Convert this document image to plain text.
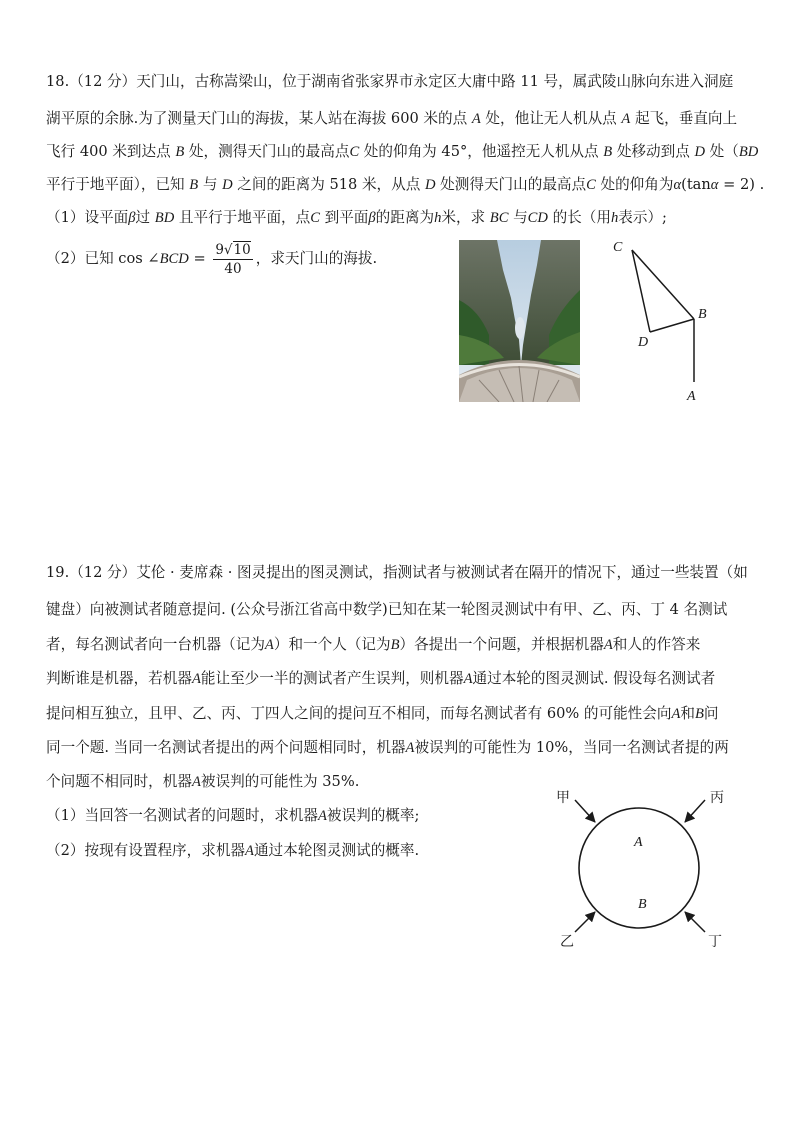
18.（12 分）天门山，古称嵩梁山，位于湖南省张家界市永定区大庸中路 11 号，属武陵山脉向东进入洞庭
湖平原的余脉.为了测量天门山的海拔，某人站在海拔 600 米的点 A 处，他让无人机从点 A 起飞，垂直向上
飞行 400 米到达点 B 处，测得天门山的最高点C 处的仰角为 45°，他遥控无人机从点 B 处移动到点 D 处（BD
平行于地平面），已知 B 与 D 之间的距离为 518 米，从点 D 处测得天门山的最高点C 处的仰角为α(tanα = 2) .
（1）设平面β过 BD 且平行于地平面，点C 到平面β的距离为h米，求 BC 与CD 的长（用h表示）;
（2）已知 cos ∠BCD = $\frac{9√10}{40}$ ，求天门山的海拔.
C
B
D
A
19.（12 分）艾伦 · 麦席森 · 图灵提出的图灵测试，指测试者与被测试者在隔开的情况下，通过一些装置（如
键盘）向被测试者随意提问. (公众号浙江省高中数学)已知在某一轮图灵测试中有甲、乙、丙、丁 4 名测试
者，每名测试者向一台机器（记为A）和一个人（记为B）各提出一个问题，并根据机器A和人的作答来
判断谁是机器，若机器A能让至少一半的测试者产生误判，则机器A通过本轮的图灵测试. 假设每名测试者
提问相互独立，且甲、乙、丙、丁四人之间的提问互不相同，而每名测试者有 60% 的可能性会向A和B问
同一个题. 当同一名测试者提出的两个问题相同时，机器A被误判的可能性为 10%，当同一名测试者提的两
个问题不相同时，机器A被误判的可能性为 35%.
（1）当回答一名测试者的问题时，求机器A被误判的概率;
（2）按现有设置程序，求机器A通过本轮图灵测试的概率.
甲	丙
乙	丁
A
B
